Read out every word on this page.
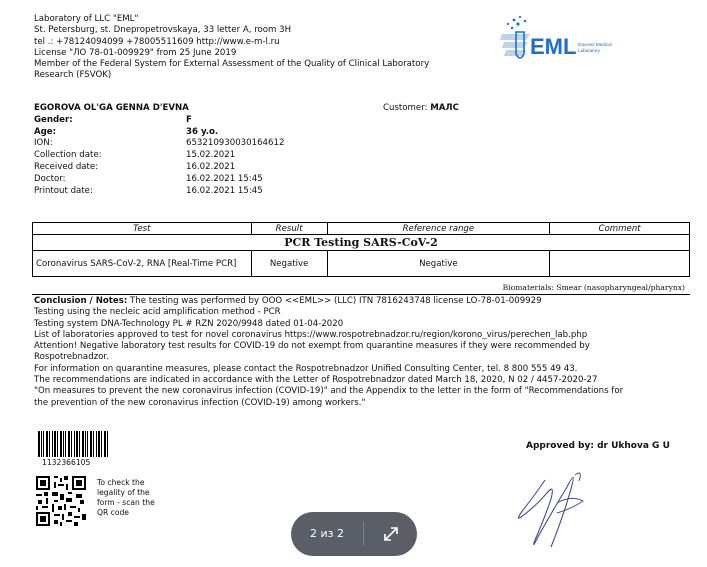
Laboratory of LLC "EML"
St. Petersburg, st. Dnepropetrovskaya, 33 letter A, room 3H
tel .: +78124094099 +78005511609 http://www.e-m-l.ru
License "ЛО 78-01-009929" from 25 June 2019
Member of the Federal System for External Assessment of the Quality of Clinical Laboratory
Research (FSVOK)
EML Express Medical
Laboratory
EGOROVA OL'GA GENNA D'EVNA
Gender:	F
Age:	36 y.o.
ION:	653210930030164612
Collection date:	15.02.2021
Received date:	16.02.2021
Doctor:	16.02.2021 15:45
Printout date:	16.02.2021 15:45
Customer: МАЛС
Test	Result	Reference range	Comment
PCR Testing SARS-CoV-2			
Coronavirus SARS-CoV-2, RNA [Real-Time PCR]	Negative	Negative	
Biomaterials: Smear (nasopharyngeal/pharynx)
Conclusion / Notes: The testing was performed by OOO <<EML>> (LLC) ITN 7816243748 license LO-78-01-009929
Testing using the necleic acid amplification method - PCR
Testing system DNA-Technology PL # RZN 2020/9948 dated 01-04-2020
List of laboratories approved to test for novel coronavirus https://www.rospotrebnadzor.ru/region/korono_virus/perechen_lab.php
Attention! Negative laboratory test results for COVID-19 do not exempt from quarantine measures if they were recommended by
Rospotrebnadzor.
For information on quarantine measures, please contact the Rospotrebnadzor Unified Consulting Center, tel. 8 800 555 49 43.
The recommendations are indicated in accordance with the Letter of Rospotrebnadzor dated March 18, 2020, N 02 / 4457-2020-27
"On measures to prevent the new coronavirus infection (COVID-19)" and the Appendix to the letter in the form of "Recommendations for
the prevention of the new coronavirus infection (COVID-19) among workers."
1132366105
To check the
legality of the
form - scan the
QR code
Approved by: dr Ukhova G U
2 из 2
